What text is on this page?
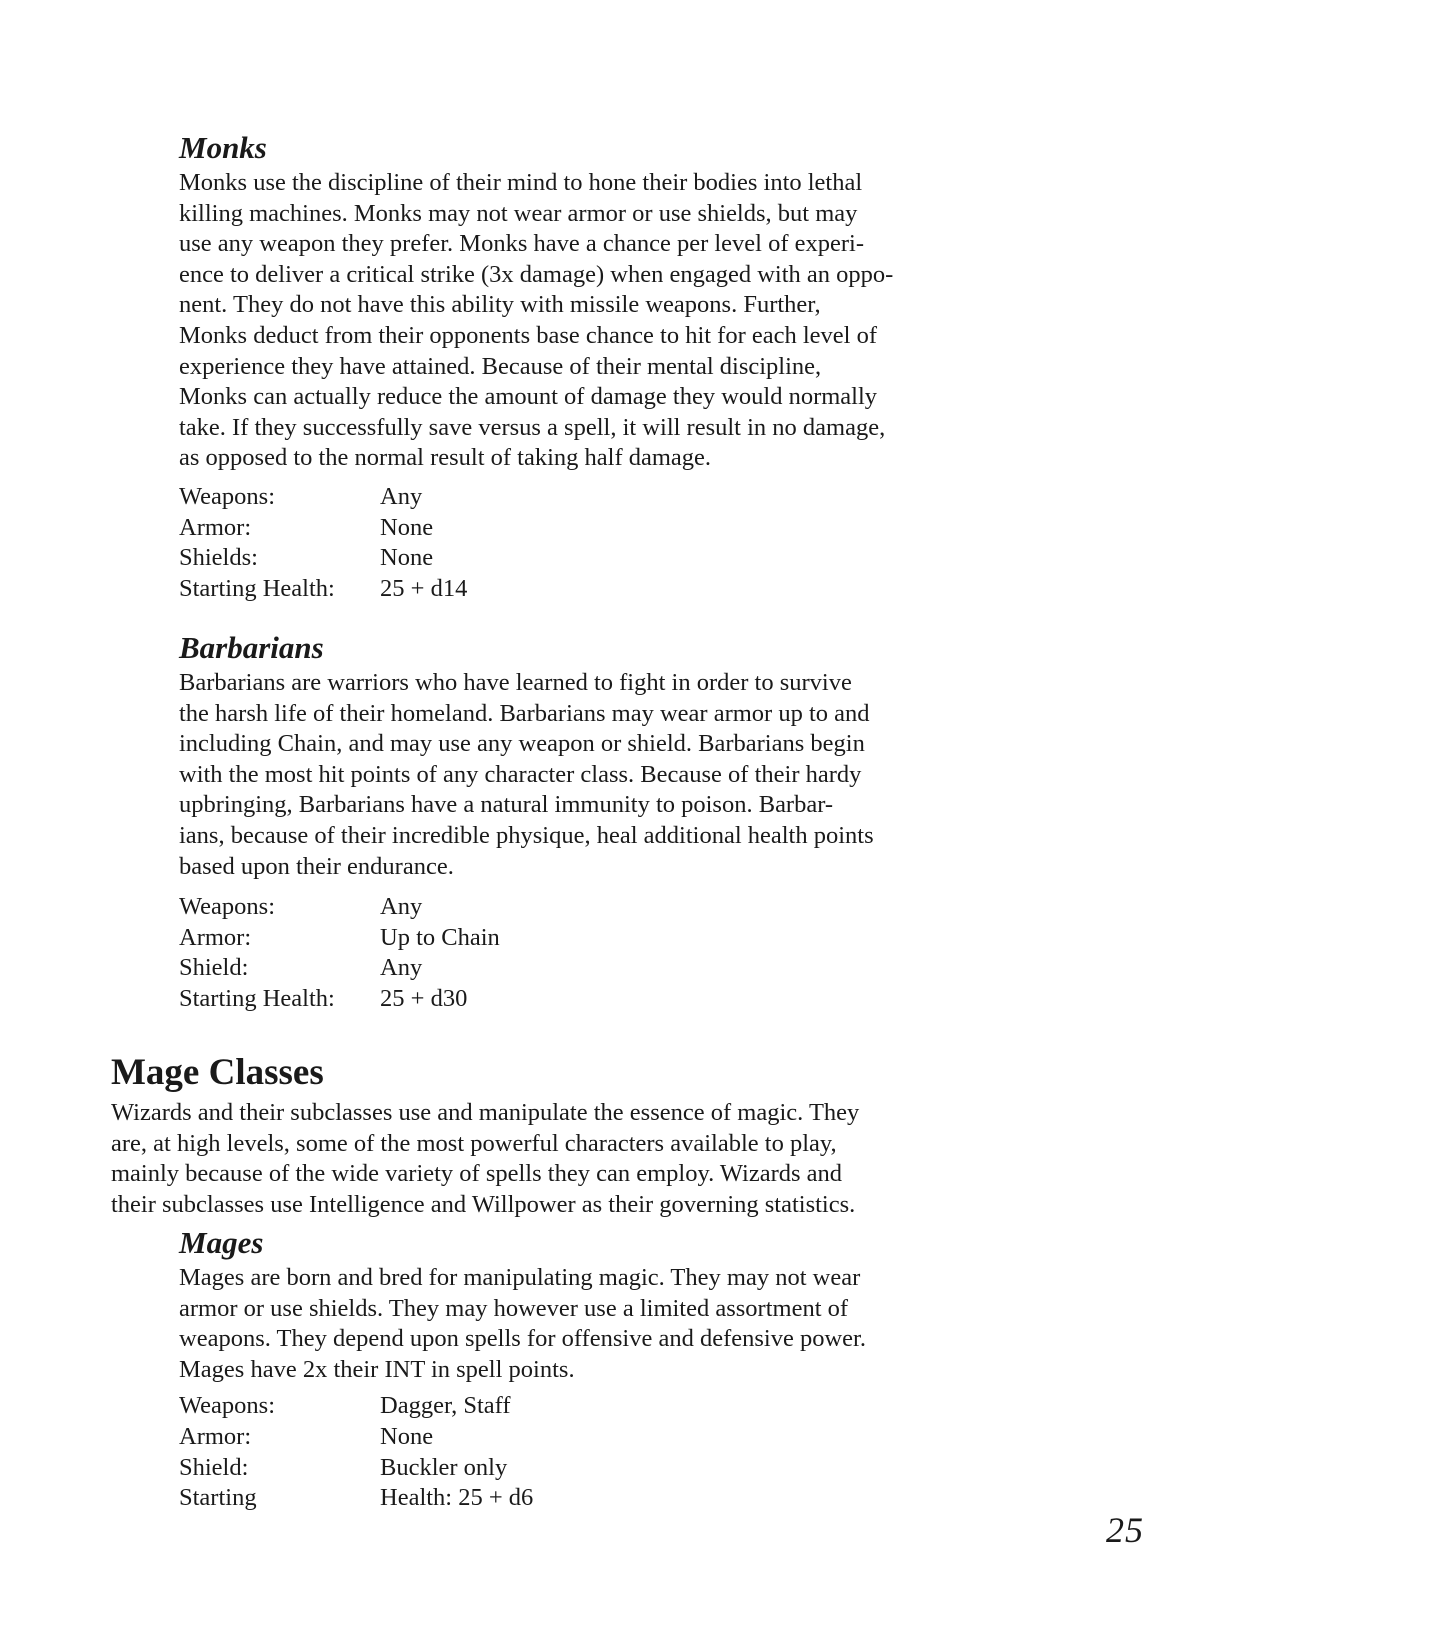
Monks

Monks use the discipline of their mind to hone their bodies into lethal
killing machines. Monks may not wear armor or use shields, but may
use any weapon they prefer. Monks have a chance per level of experi-
ence to deliver a critical strike (3x damage) when engaged with an oppo-
nent. They do not have this ability with missile weapons. Further,
Monks deduct from their opponents base chance to hit for each level of
experience they have attained. Because of their mental discipline,
Monks can actually reduce the amount of damage they would normally
take. If they successfully save versus a spell, it will result in no damage,
as opposed to the normal result of taking half damage.

Weapons:	Any
Armor:	None
Shields:	None
Starting Health:	25 + d14
Barbarians

Barbarians are warriors who have learned to fight in order to survive
the harsh life of their homeland. Barbarians may wear armor up to and
including Chain, and may use any weapon or shield. Barbarians begin
with the most hit points of any character class. Because of their hardy
upbringing, Barbarians have a natural immunity to poison. Barbar-
ians, because of their incredible physique, heal additional health points
based upon their endurance.

Weapons:	Any
Armor:	Up to Chain
Shield:	Any
Starting Health:	25 + d30
Mage Classes

Wizards and their subclasses use and manipulate the essence of magic. They
are, at high levels, some of the most powerful characters available to play,
mainly because of the wide variety of spells they can employ. Wizards and
their subclasses use Intelligence and Willpower as their governing statistics.

Mages

Mages are born and bred for manipulating magic. They may not wear
armor or use shields. They may however use a limited assortment of
weapons. They depend upon spells for offensive and defensive power.
Mages have 2x their INT in spell points.

Weapons:	Dagger, Staff
Armor:	None
Shield:	Buckler only
Starting	Health: 25 + d6
25
